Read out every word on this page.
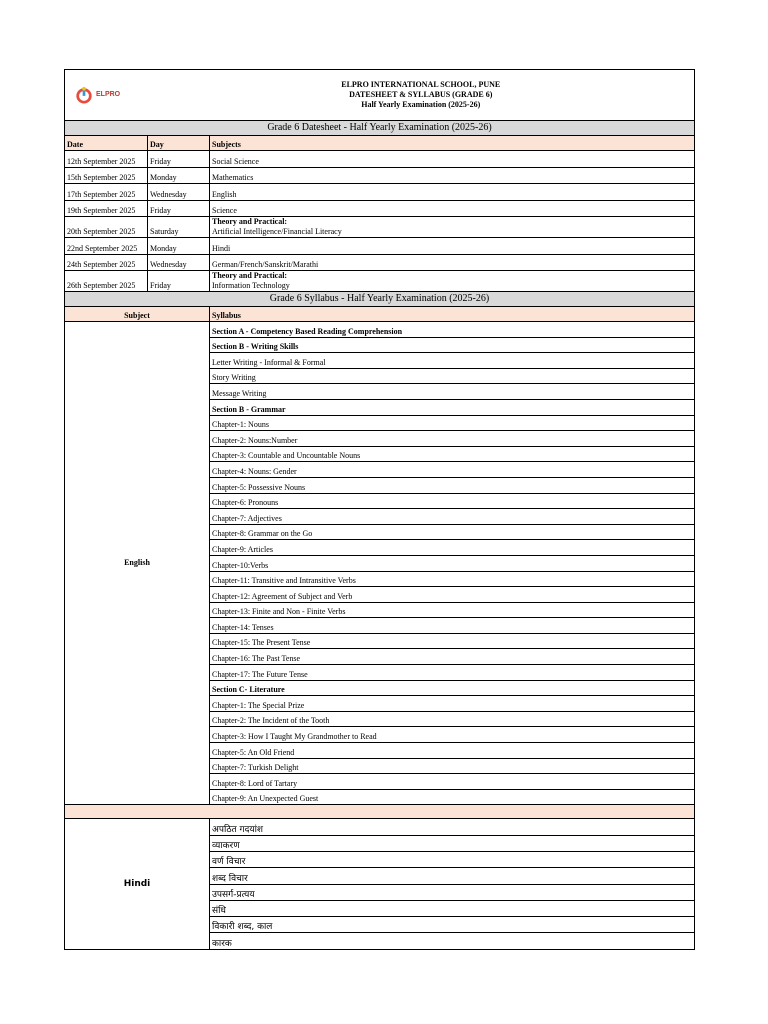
ELPRO	ELPRO INTERNATIONAL SCHOOL, PUNE
DATESHEET & SYLLABUS (GRADE 6)
Half Yearly Examination (2025-26)	

Grade 6 Datesheet - Half Yearly Examination (2025-26)		
Date	Day	Subjects
12th September 2025	Friday	Social Science

15th September 2025	Monday	Mathematics

17th September 2025	Wednesday	English

19th September 2025	Friday	Science

20th September 2025	Saturday	Theory and Practical:
Artificial Intelligence/Financial Literacy

22nd September 2025	Monday	Hindi

24th September 2025	Wednesday	German/French/Sanskrit/Marathi

26th September 2025	Friday	Theory and Practical:
Information Technology

Grade 6 Syllabus - Half Yearly Examination (2025-26)		
Subject		Syllabus
English		Section A - Competency Based Reading Comprehension
		Section B - Writing Skills
		Letter Writing - Informal & Formal
		Story Writing
		Message Writing
		Section B - Grammar
		Chapter-1: Nouns
		Chapter-2: Nouns:Number
		Chapter-3: Countable and Uncountable Nouns
		Chapter-4: Nouns: Gender
		Chapter-5: Possessive Nouns
		Chapter-6: Pronouns
		Chapter-7: Adjectives
		Chapter-8: Grammar on the Go
		Chapter-9: Articles
		Chapter-10:Verbs
		Chapter-11: Transitive and Intransitive Verbs
		Chapter-12: Agreement of Subject and Verb
		Chapter-13: Finite and Non - Finite Verbs
		Chapter-14: Tenses
		Chapter-15: The Present Tense
		Chapter-16: The Past Tense
		Chapter-17: The Future Tense
		Section C- Literature
		Chapter-1: The Special Prize
		Chapter-2: The Incident of the Tooth
		Chapter-3: How I Taught My Grandmother to Read
		Chapter-5: An Old Friend
		Chapter-7: Turkish Delight
		Chapter-8: Lord of Tartary
		Chapter-9: An Unexpected Guest

Hindi		अपठित गदयांश
		व्याकरण
		वर्ण विचार
		शब्द विचार
		उपसर्ग-प्रत्यय
		संधि
		विकारी शब्द, काल
		कारक
